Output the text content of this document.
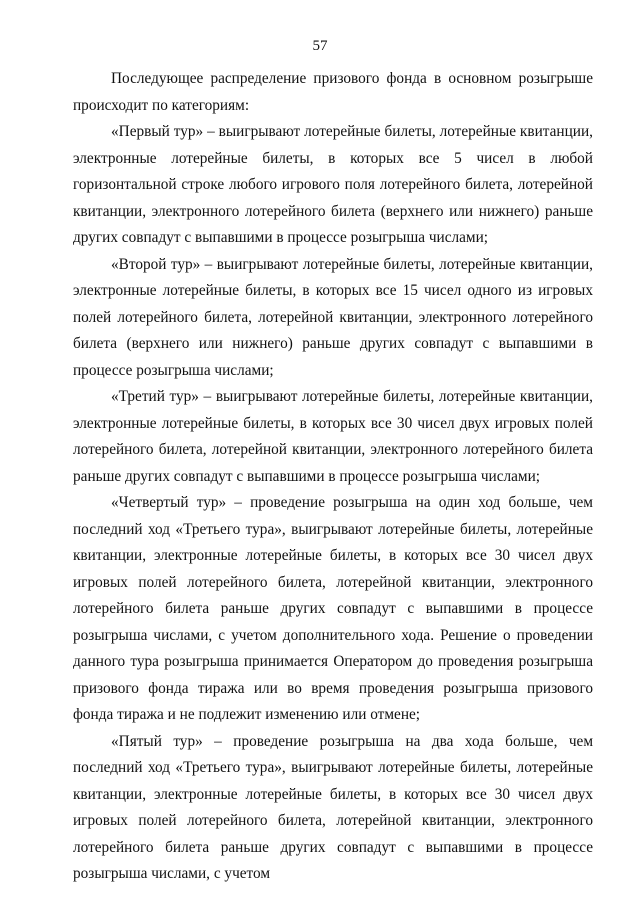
57

Последующее распределение призового фонда в основном розыгрыше происходит по категориям:

«Первый тур» – выигрывают лотерейные билеты, лотерейные квитанции, электронные лотерейные билеты, в которых все 5 чисел в любой горизонтальной строке любого игрового поля лотерейного билета, лотерейной квитанции, электронного лотерейного билета (верхнего или нижнего) раньше других совпадут с выпавшими в процессе розыгрыша числами;

«Второй тур» – выигрывают лотерейные билеты, лотерейные квитанции, электронные лотерейные билеты, в которых все 15 чисел одного из игровых полей лотерейного билета, лотерейной квитанции, электронного лотерейного билета (верхнего или нижнего) раньше других совпадут с выпавшими в процессе розыгрыша числами;

«Третий тур» – выигрывают лотерейные билеты, лотерейные квитанции, электронные лотерейные билеты, в которых все 30 чисел двух игровых полей лотерейного билета, лотерейной квитанции, электронного лотерейного билета раньше других совпадут с выпавшими в процессе розыгрыша числами;

«Четвертый тур» – проведение розыгрыша на один ход больше, чем последний ход «Третьего тура», выигрывают лотерейные билеты, лотерейные квитанции, электронные лотерейные билеты, в которых все 30 чисел двух игровых полей лотерейного билета, лотерейной квитанции, электронного лотерейного билета раньше других совпадут с выпавшими в процессе розыгрыша числами, с учетом дополнительного хода. Решение о проведении данного тура розыгрыша принимается Оператором до проведения розыгрыша призового фонда тиража или во время проведения розыгрыша призового фонда тиража и не подлежит изменению или отмене;

«Пятый тур» – проведение розыгрыша на два хода больше, чем последний ход «Третьего тура», выигрывают лотерейные билеты, лотерейные квитанции, электронные лотерейные билеты, в которых все 30 чисел двух игровых полей лотерейного билета, лотерейной квитанции, электронного лотерейного билета раньше других совпадут с выпавшими в процессе розыгрыша числами, с учетом
